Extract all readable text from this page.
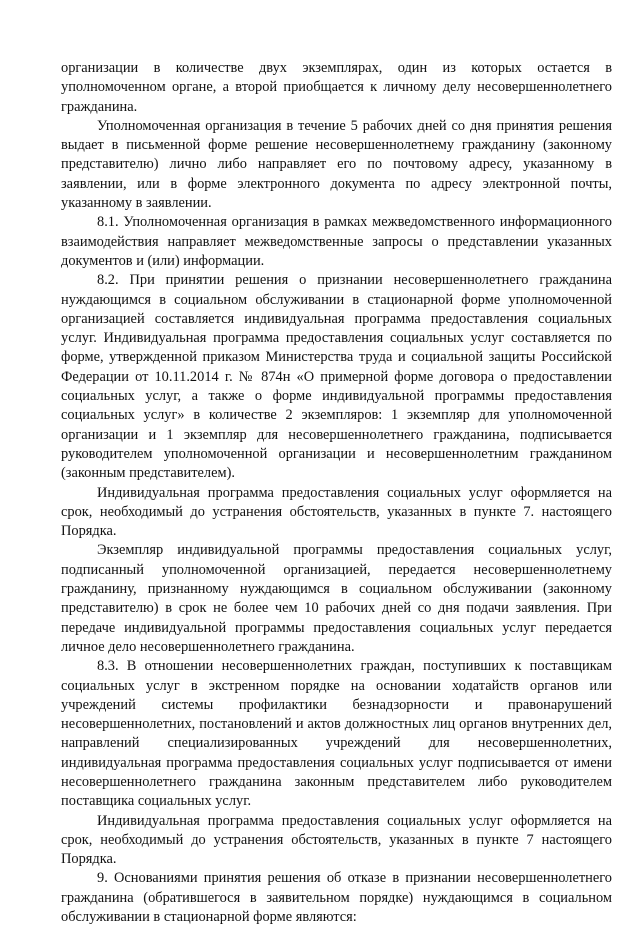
организации в количестве двух экземплярах, один из которых остается в уполномоченном органе, а второй приобщается к личному делу несовершеннолетнего гражданина.

Уполномоченная организация в течение 5 рабочих дней со дня принятия решения выдает в письменной форме решение несовершеннолетнему гражданину (законному представителю) лично либо направляет его по почтовому адресу, указанному в заявлении, или в форме электронного документа по адресу электронной почты, указанному в заявлении.

8.1. Уполномоченная организация в рамках межведомственного информационного взаимодействия направляет межведомственные запросы о представлении указанных документов и (или) информации.

8.2. При принятии решения о признании несовершеннолетнего гражданина нуждающимся в социальном обслуживании в стационарной форме уполномоченной организацией составляется индивидуальная программа предоставления социальных услуг. Индивидуальная программа предоставления социальных услуг составляется по форме, утвержденной приказом Министерства труда и социальной защиты Российской Федерации от 10.11.2014 г. № 874н «О примерной форме договора о предоставлении социальных услуг, а также о форме индивидуальной программы предоставления социальных услуг» в количестве 2 экземпляров: 1 экземпляр для уполномоченной организации и 1 экземпляр для несовершеннолетнего гражданина, подписывается руководителем уполномоченной организации и несовершеннолетним гражданином (законным представителем).

Индивидуальная программа предоставления социальных услуг оформляется на срок, необходимый до устранения обстоятельств, указанных в пункте 7. настоящего Порядка.

Экземпляр индивидуальной программы предоставления социальных услуг, подписанный уполномоченной организацией, передается несовершеннолетнему гражданину, признанному нуждающимся в социальном обслуживании (законному представителю) в срок не более чем 10 рабочих дней со дня подачи заявления. При передаче индивидуальной программы предоставления социальных услуг передается личное дело несовершеннолетнего гражданина.

8.3. В отношении несовершеннолетних граждан, поступивших к поставщикам социальных услуг в экстренном порядке на основании ходатайств органов или учреждений системы профилактики безнадзорности и правонарушений несовершеннолетних, постановлений и актов должностных лиц органов внутренних дел, направлений специализированных учреждений для несовершеннолетних, индивидуальная программа предоставления социальных услуг подписывается от имени несовершеннолетнего гражданина законным представителем либо руководителем поставщика социальных услуг.

Индивидуальная программа предоставления социальных услуг оформляется на срок, необходимый до устранения обстоятельств, указанных в пункте 7 настоящего Порядка.

9. Основаниями принятия решения об отказе в признании несовершеннолетнего гражданина (обратившегося в заявительном порядке) нуждающимся в социальном обслуживании в стационарной форме являются:
